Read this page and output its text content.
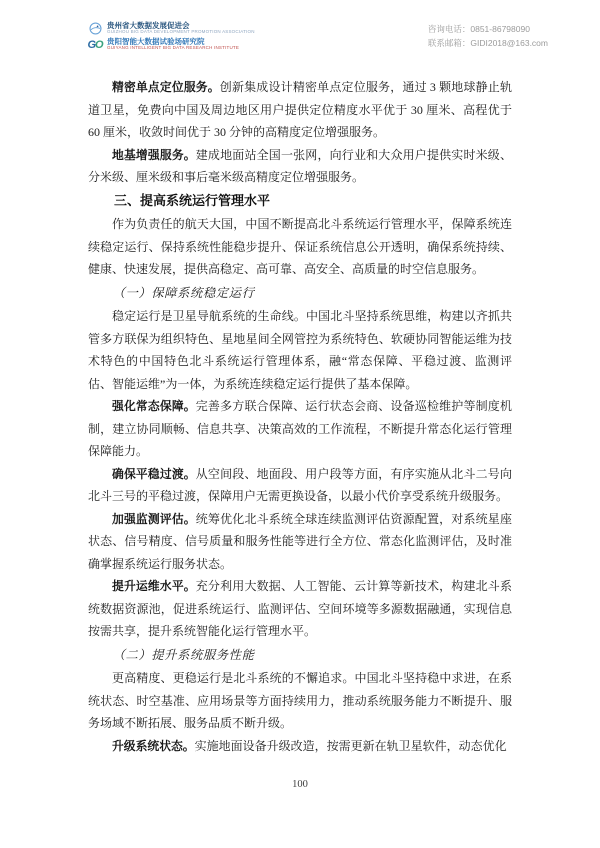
贵州省大数据发展促进会
GUIZHOU BIG DATA DEVELOPMENT PROMOTION ASSOCIATION
G O 贵阳智能大数据试验场研究院
GUIYANG INTELLIGENT BIG DATA RESEARCH INSTITUTE
咨询电话：0851-86798090
联系邮箱：GIDI2018@163.com

精密单点定位服务。创新集成设计精密单点定位服务，通过 3 颗地球静止轨道卫星，免费向中国及周边地区用户提供定位精度水平优于 30 厘米、高程优于 60 厘米，收敛时间优于 30 分钟的高精度定位增强服务。

地基增强服务。建成地面站全国一张网，向行业和大众用户提供实时米级、分米级、厘米级和事后毫米级高精度定位增强服务。

三、提高系统运行管理水平

作为负责任的航天大国，中国不断提高北斗系统运行管理水平，保障系统连续稳定运行、保持系统性能稳步提升、保证系统信息公开透明，确保系统持续、健康、快速发展，提供高稳定、高可靠、高安全、高质量的时空信息服务。

（一）保障系统稳定运行

稳定运行是卫星导航系统的生命线。中国北斗坚持系统思维，构建以齐抓共管多方联保为组织特色、星地星间全网管控为系统特色、软硬协同智能运维为技术特色的中国特色北斗系统运行管理体系，融“常态保障、平稳过渡、监测评估、智能运维”为一体，为系统连续稳定运行提供了基本保障。

强化常态保障。完善多方联合保障、运行状态会商、设备巡检维护等制度机制，建立协同顺畅、信息共享、决策高效的工作流程，不断提升常态化运行管理保障能力。

确保平稳过渡。从空间段、地面段、用户段等方面，有序实施从北斗二号向北斗三号的平稳过渡，保障用户无需更换设备，以最小代价享受系统升级服务。

加强监测评估。统筹优化北斗系统全球连续监测评估资源配置，对系统星座状态、信号精度、信号质量和服务性能等进行全方位、常态化监测评估，及时准确掌握系统运行服务状态。

提升运维水平。充分利用大数据、人工智能、云计算等新技术，构建北斗系统数据资源池，促进系统运行、监测评估、空间环境等多源数据融通，实现信息按需共享，提升系统智能化运行管理水平。

（二）提升系统服务性能

更高精度、更稳运行是北斗系统的不懈追求。中国北斗坚持稳中求进，在系统状态、时空基准、应用场景等方面持续用力，推动系统服务能力不断提升、服务场域不断拓展、服务品质不断升级。

升级系统状态。实施地面设备升级改造，按需更新在轨卫星软件，动态优化

100
